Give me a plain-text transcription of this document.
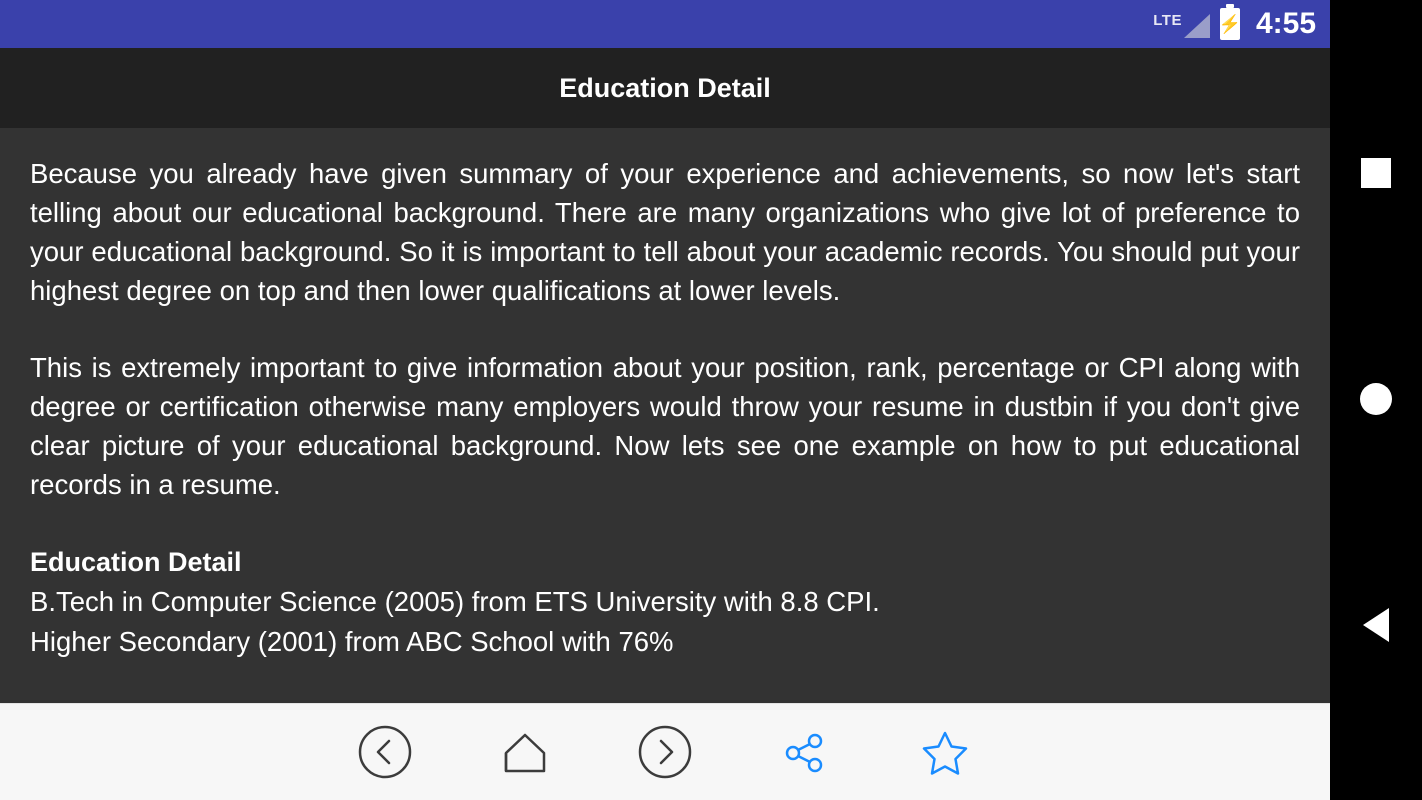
LTE ⚡ 4:55
Education Detail

Because you already have given summary of your experience and achievements, so now let's start telling about our educational background. There are many organizations who give lot of preference to your educational background. So it is important to tell about your academic records. You should put your highest degree on top and then lower qualifications at lower levels.

This is extremely important to give information about your position, rank, percentage or CPI along with degree or certification otherwise many employers would throw your resume in dustbin if you don't give clear picture of your educational background. Now lets see one example on how to put educational records in a resume.

Education Detail

B.Tech in Computer Science (2005) from ETS University with 8.8 CPI.

Higher Secondary (2001) from ABC School with 76%
